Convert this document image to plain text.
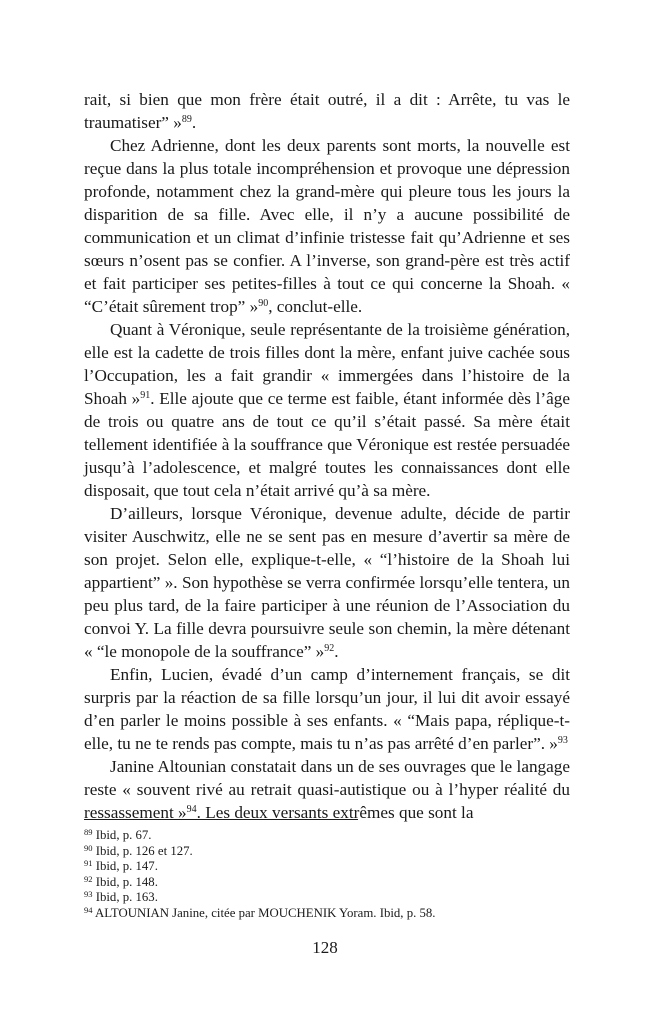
rait, si bien que mon frère était outré, il a dit : Arrête, tu vas le traumatiser” »$^{89}$.

Chez Adrienne, dont les deux parents sont morts, la nouvelle est reçue dans la plus totale incompréhension et provoque une dépression profonde, notamment chez la grand-mère qui pleure tous les jours la disparition de sa fille. Avec elle, il n’y a aucune possibilité de communication et un climat d’infinie tristesse fait qu’Adrienne et ses sœurs n’osent pas se confier. A l’inverse, son grand-père est très actif et fait participer ses petites-filles à tout ce qui concerne la Shoah. « “C’était sûrement trop” »$^{90}$, conclut-elle.

Quant à Véronique, seule représentante de la troisième génération, elle est la cadette de trois filles dont la mère, enfant juive cachée sous l’Occupation, les a fait grandir « immergées dans l’histoire de la Shoah »$^{91}$. Elle ajoute que ce terme est faible, étant informée dès l’âge de trois ou quatre ans de tout ce qu’il s’était passé. Sa mère était tellement identifiée à la souffrance que Véronique est restée persuadée jusqu’à l’adolescence, et malgré toutes les connaissances dont elle disposait, que tout cela n’était arrivé qu’à sa mère.

D’ailleurs, lorsque Véronique, devenue adulte, décide de partir visiter Auschwitz, elle ne se sent pas en mesure d’avertir sa mère de son projet. Selon elle, explique-t-elle, « “l’histoire de la Shoah lui appartient” ». Son hypothèse se verra confirmée lorsqu’elle tentera, un peu plus tard, de la faire participer à une réunion de l’Association du convoi Y. La fille devra poursuivre seule son chemin, la mère détenant « “le monopole de la souffrance” »$^{92}$.

Enfin, Lucien, évadé d’un camp d’internement français, se dit surpris par la réaction de sa fille lorsqu’un jour, il lui dit avoir essayé d’en parler le moins possible à ses enfants. « “Mais papa, réplique-t-elle, tu ne te rends pas compte, mais tu n’as pas arrêté d’en parler”. »$^{93}$

Janine Altounian constatait dans un de ses ouvrages que le langage reste « souvent rivé au retrait quasi-autistique ou à l’hyper réalité du ressassement »$^{94}$. Les deux versants extrêmes que sont la

$^{89}$ Ibid, p. 67.
$^{90}$ Ibid, p. 126 et 127.
$^{91}$ Ibid, p. 147.
$^{92}$ Ibid, p. 148.
$^{93}$ Ibid, p. 163.
$^{94}$ ALTOUNIAN Janine, citée par MOUCHENIK Yoram. Ibid, p. 58.
128
